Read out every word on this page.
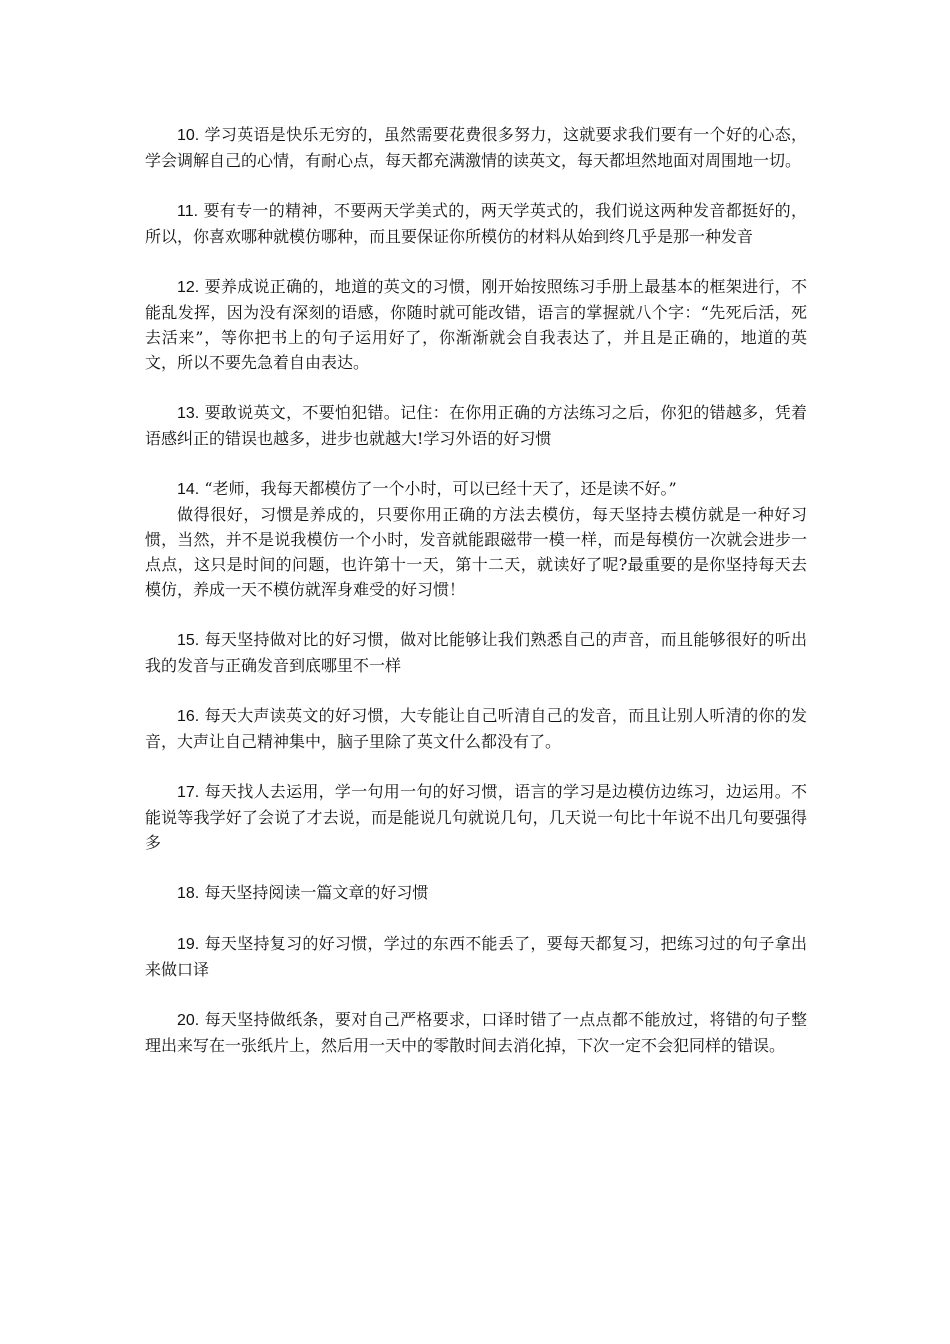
10. 学习英语是快乐无穷的，虽然需要花费很多努力，这就要求我们要有一个好的心态，学会调解自己的心情，有耐心点，每天都充满激情的读英文，每天都坦然地面对周围地一切。

11. 要有专一的精神，不要两天学美式的，两天学英式的，我们说这两种发音都挺好的，所以，你喜欢哪种就模仿哪种，而且要保证你所模仿的材料从始到终几乎是那一种发音

12. 要养成说正确的，地道的英文的习惯，刚开始按照练习手册上最基本的框架进行，不能乱发挥，因为没有深刻的语感，你随时就可能改错，语言的掌握就八个字：“先死后活，死去活来”，等你把书上的句子运用好了，你渐渐就会自我表达了，并且是正确的，地道的英文，所以不要先急着自由表达。

13. 要敢说英文，不要怕犯错。记住：在你用正确的方法练习之后，你犯的错越多，凭着语感纠正的错误也越多，进步也就越大!学习外语的好习惯

14. “老师，我每天都模仿了一个小时，可以已经十天了，还是读不好。”

做得很好，习惯是养成的，只要你用正确的方法去模仿，每天坚持去模仿就是一种好习惯，当然，并不是说我模仿一个小时，发音就能跟磁带一模一样，而是每模仿一次就会进步一点点，这只是时间的问题，也许第十一天，第十二天，就读好了呢?最重要的是你坚持每天去模仿，养成一天不模仿就浑身难受的好习惯！

15. 每天坚持做对比的好习惯，做对比能够让我们熟悉自己的声音，而且能够很好的听出我的发音与正确发音到底哪里不一样

16. 每天大声读英文的好习惯，大专能让自己听清自己的发音，而且让别人听清的你的发音，大声让自己精神集中，脑子里除了英文什么都没有了。

17. 每天找人去运用，学一句用一句的好习惯，语言的学习是边模仿边练习，边运用。不能说等我学好了会说了才去说，而是能说几句就说几句，几天说一句比十年说不出几句要强得多

18. 每天坚持阅读一篇文章的好习惯

19. 每天坚持复习的好习惯，学过的东西不能丢了，要每天都复习，把练习过的句子拿出来做口译

20. 每天坚持做纸条，要对自己严格要求，口译时错了一点点都不能放过，将错的句子整理出来写在一张纸片上，然后用一天中的零散时间去消化掉，下次一定不会犯同样的错误。
